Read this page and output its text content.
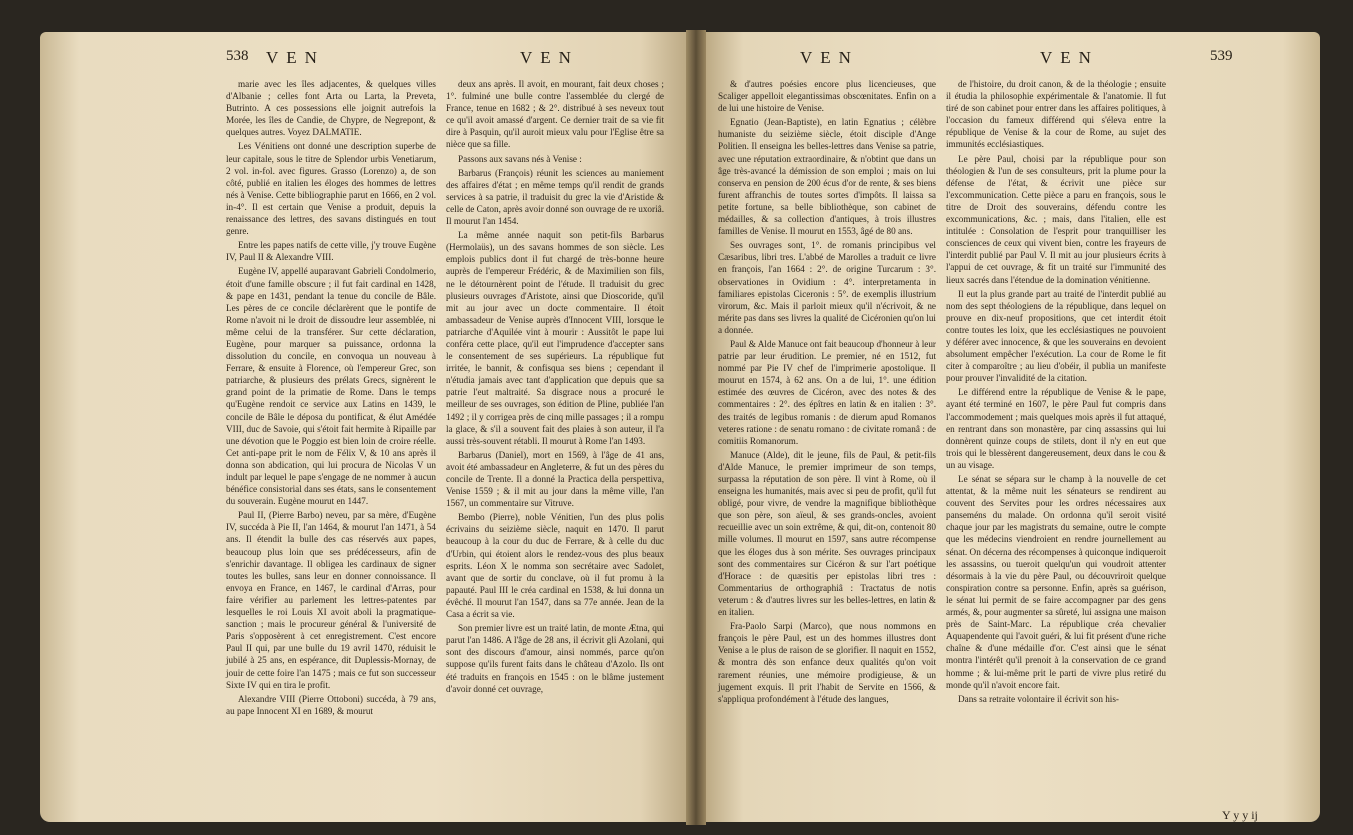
538 VEN	VEN	VEN	VEN	539

marie avec les îles adjacentes, & quelques villes d'Albanie ; celles font Arta ou Larta, la Preveta, Butrinto. A ces possessions elle joignit autrefois la Morée, les îles de Candie, de Chypre, de Negrepont, & quelques autres. Voyez DALMATIE.

Les Vénitiens ont donné une description superbe de leur capitale, sous le titre de Splendor urbis Venetiarum, 2 vol. in-fol. avec figures. Grasso (Lorenzo) a, de son côté, publié en italien les éloges des hommes de lettres nés à Venise. Cette bibliographie parut en 1666, en 2 vol. in-4°. Il est certain que Venise a produit, depuis la renaissance des lettres, des savans distingués en tout genre.

Entre les papes natifs de cette ville, j'y trouve Eugène IV, Paul II & Alexandre VIII.

Eugène IV, appellé auparavant Gabrieli Condolmerio, étoit d'une famille obscure ; il fut fait cardinal en 1428, & pape en 1431, pendant la tenue du concile de Bâle. Les pères de ce concile déclarèrent que le pontife de Rome n'avoit ni le droit de dissoudre leur assemblée, ni même celui de la transférer. Sur cette déclaration, Eugène, pour marquer sa puissance, ordonna la dissolution du concile, en convoqua un nouveau à Ferrare, & ensuite à Florence, où l'empereur Grec, son patriarche, & plusieurs des prélats Grecs, signèrent le grand point de la primatie de Rome. Dans le temps qu'Eugène rendoit ce service aux Latins en 1439, le concile de Bâle le déposa du pontificat, & élut Amédée VIII, duc de Savoie, qui s'étoit fait hermite à Ripaille par une dévotion que le Poggio est bien loin de croire réelle. Cet anti-pape prit le nom de Félix V, & 10 ans après il donna son abdication, qui lui procura de Nicolas V un indult par lequel le pape s'engage de ne nommer à aucun bénéfice consistorial dans ses états, sans le consentement du souverain. Eugène mourut en 1447.

Paul II, (Pierre Barbo) neveu, par sa mère, d'Eugène IV, succéda à Pie II, l'an 1464, & mourut l'an 1471, à 54 ans. Il étendit la bulle des cas réservés aux papes, beaucoup plus loin que ses prédécesseurs, afin de s'enrichir davantage. Il obligea les cardinaux de signer toutes les bulles, sans leur en donner connoissance. Il envoya en France, en 1467, le cardinal d'Arras, pour faire vérifier au parlement les lettres-patentes par lesquelles le roi Louis XI avoit aboli la pragmatique-sanction ; mais le procureur général & l'université de Paris s'opposèrent à cet enregistrement. C'est encore Paul II qui, par une bulle du 19 avril 1470, réduisit le jubilé à 25 ans, en espérance, dit Duplessis-Mornay, de jouir de cette foire l'an 1475 ; mais ce fut son successeur Sixte IV qui en tira le profit.

Alexandre VIII (Pierre Ottoboni) succéda, à 79 ans, au pape Innocent XI en 1689, & mourut

deux ans après. Il avoit, en mourant, fait deux choses ; 1°. fulminé une bulle contre l'assemblée du clergé de France, tenue en 1682 ; & 2°. distribué à ses neveux tout ce qu'il avoit amassé d'argent. Ce dernier trait de sa vie fit dire à Pasquin, qu'il auroit mieux valu pour l'Eglise être sa nièce que sa fille.

Passons aux savans nés à Venise :

Barbarus (François) réunit les sciences au maniement des affaires d'état ; en même temps qu'il rendit de grands services à sa patrie, il traduisit du grec la vie d'Aristide & celle de Caton, après avoir donné son ouvrage de re uxoriâ. Il mourut l'an 1454.

La même année naquit son petit-fils Barbarus (Hermolaüs), un des savans hommes de son siècle. Les emplois publics dont il fut chargé de très-bonne heure auprès de l'empereur Frédéric, & de Maximilien son fils, ne le détournèrent point de l'étude. Il traduisit du grec plusieurs ouvrages d'Aristote, ainsi que Dioscoride, qu'il mit au jour avec un docte commentaire. Il étoit ambassadeur de Venise auprès d'Innocent VIII, lorsque le patriarche d'Aquilée vint à mourir : Aussitôt le pape lui conféra cette place, qu'il eut l'imprudence d'accepter sans le consentement de ses supérieurs. La république fut irritée, le bannit, & confisqua ses biens ; cependant il n'étudia jamais avec tant d'application que depuis que sa patrie l'eut maltraité. Sa disgrace nous a procuré le meilleur de ses ouvrages, son édition de Pline, publiée l'an 1492 ; il y corrigea près de cinq mille passages ; il a rompu la glace, & s'il a souvent fait des plaies à son auteur, il l'a aussi très-souvent rétabli. Il mourut à Rome l'an 1493.

Barbarus (Daniel), mort en 1569, à l'âge de 41 ans, avoit été ambassadeur en Angleterre, & fut un des pères du concile de Trente. Il a donné la Practica della perspettiva, Venise 1559 ; & il mit au jour dans la même ville, l'an 1567, un commentaire sur Vitruve.

Bembo (Pierre), noble Vénitien, l'un des plus polis écrivains du seizième siècle, naquit en 1470. Il parut beaucoup à la cour du duc de Ferrare, & à celle du duc d'Urbin, qui étoient alors le rendez-vous des plus beaux esprits. Léon X le nomma son secrétaire avec Sadolet, avant que de sortir du conclave, où il fut promu à la papauté. Paul III le créa cardinal en 1538, & lui donna un évêché. Il mourut l'an 1547, dans sa 77e année. Jean de la Casa a écrit sa vie.

Son premier livre est un traité latin, de monte Ætna, qui parut l'an 1486. A l'âge de 28 ans, il écrivit gli Azolani, qui sont des discours d'amour, ainsi nommés, parce qu'on suppose qu'ils furent faits dans le château d'Azolo. Ils ont été traduits en françois en 1545 : on le blâme justement d'avoir donné cet ouvrage,

& d'autres poésies encore plus licencieuses, que Scaliger appelloit elegantissimas obscœnitates. Enfin on a de lui une histoire de Venise.

Egnatio (Jean-Baptiste), en latin Egnatius ; célèbre humaniste du seizième siècle, étoit disciple d'Ange Politien. Il enseigna les belles-lettres dans Venise sa patrie, avec une réputation extraordinaire, & n'obtint que dans un âge très-avancé la démission de son emploi ; mais on lui conserva en pension de 200 écus d'or de rente, & ses biens furent affranchis de toutes sortes d'impôts. Il laissa sa petite fortune, sa belle bibliothèque, son cabinet de médailles, & sa collection d'antiques, à trois illustres familles de Venise. Il mourut en 1553, âgé de 80 ans.

Ses ouvrages sont, 1°. de romanis principibus vel Cæsaribus, libri tres. L'abbé de Marolles a traduit ce livre en françois, l'an 1664 : 2°. de origine Turcarum : 3°. observationes in Ovidium : 4°. interpretamenta in familiares epistolas Ciceronis : 5°. de exemplis illustrium virorum, &c. Mais il parloit mieux qu'il n'écrivoit, & ne mérite pas dans ses livres la qualité de Cicéronien qu'on lui a donnée.

Paul & Alde Manuce ont fait beaucoup d'honneur à leur patrie par leur érudition. Le premier, né en 1512, fut nommé par Pie IV chef de l'imprimerie apostolique. Il mourut en 1574, à 62 ans. On a de lui, 1°. une édition estimée des œuvres de Cicéron, avec des notes & des commentaires : 2°. des épîtres en latin & en italien : 3°. des traités de legibus romanis : de dierum apud Romanos veteres ratione : de senatu romano : de civitate romanâ : de comitiis Romanorum.

Manuce (Alde), dit le jeune, fils de Paul, & petit-fils d'Alde Manuce, le premier imprimeur de son temps, surpassa la réputation de son père. Il vint à Rome, où il enseigna les humanités, mais avec si peu de profit, qu'il fut obligé, pour vivre, de vendre la magnifique bibliothèque que son père, son aïeul, & ses grands-oncles, avoient recueillie avec un soin extrême, & qui, dit-on, contenoit 80 mille volumes. Il mourut en 1597, sans autre récompense que les éloges dus à son mérite. Ses ouvrages principaux sont des commentaires sur Cicéron & sur l'art poétique d'Horace : de quæsitis per epistolas libri tres : Commentarius de orthographiâ : Tractatus de notis veterum : & d'autres livres sur les belles-lettres, en latin & en italien.

Fra-Paolo Sarpi (Marco), que nous nommons en françois le père Paul, est un des hommes illustres dont Venise a le plus de raison de se glorifier. Il naquit en 1552, & montra dès son enfance deux qualités qu'on voit rarement réunies, une mémoire prodigieuse, & un jugement exquis. Il prit l'habit de Servite en 1566, & s'appliqua profondément à l'étude des langues,

de l'histoire, du droit canon, & de la théologie ; ensuite il étudia la philosophie expérimentale & l'anatomie. Il fut tiré de son cabinet pour entrer dans les affaires politiques, à l'occasion du fameux différend qui s'éleva entre la république de Venise & la cour de Rome, au sujet des immunités ecclésiastiques.

Le père Paul, choisi par la république pour son théologien & l'un de ses consulteurs, prit la plume pour la défense de l'état, & écrivit une pièce sur l'excommunication. Cette pièce a paru en françois, sous le titre de Droit des souverains, défendu contre les excommunications, &c. ; mais, dans l'italien, elle est intitulée : Consolation de l'esprit pour tranquilliser les consciences de ceux qui vivent bien, contre les frayeurs de l'interdit publié par Paul V. Il mit au jour plusieurs écrits à l'appui de cet ouvrage, & fit un traité sur l'immunité des lieux sacrés dans l'étendue de la domination vénitienne.

Il eut la plus grande part au traité de l'interdit publié au nom des sept théologiens de la république, dans lequel on prouve en dix-neuf propositions, que cet interdit étoit contre toutes les loix, que les ecclésiastiques ne pouvoient y déférer avec innocence, & que les souverains en devoient absolument empêcher l'exécution. La cour de Rome le fit citer à comparoître ; au lieu d'obéir, il publia un manifeste pour prouver l'invalidité de la citation.

Le différend entre la république de Venise & le pape, ayant été terminé en 1607, le père Paul fut compris dans l'accommodement ; mais quelques mois après il fut attaqué, en rentrant dans son monastère, par cinq assassins qui lui donnèrent quinze coups de stilets, dont il n'y en eut que trois qui le blessèrent dangereusement, deux dans le cou & un au visage.

Le sénat se sépara sur le champ à la nouvelle de cet attentat, & la même nuit les sénateurs se rendirent au couvent des Servites pour les ordres nécessaires aux panseméns du malade. On ordonna qu'il seroit visité chaque jour par les magistrats du semaine, outre le compte que les médecins viendroient en rendre journellement au sénat. On décerna des récompenses à quiconque indiqueroit les assassins, ou tueroit quelqu'un qui voudroit attenter désormais à la vie du père Paul, ou découvriroit quelque conspiration contre sa personne. Enfin, après sa guérison, le sénat lui permit de se faire accompagner par des gens armés, &, pour augmenter sa sûreté, lui assigna une maison près de Saint-Marc. La république créa chevalier Aquapendente qui l'avoit guéri, & lui fit présent d'une riche chaîne & d'une médaille d'or. C'est ainsi que le sénat montra l'intérêt qu'il prenoit à la conservation de ce grand homme ; & lui-même prit le parti de vivre plus retiré du monde qu'il n'avoit encore fait.

Dans sa retraite volontaire il écrivit son his-

Y y y ij
